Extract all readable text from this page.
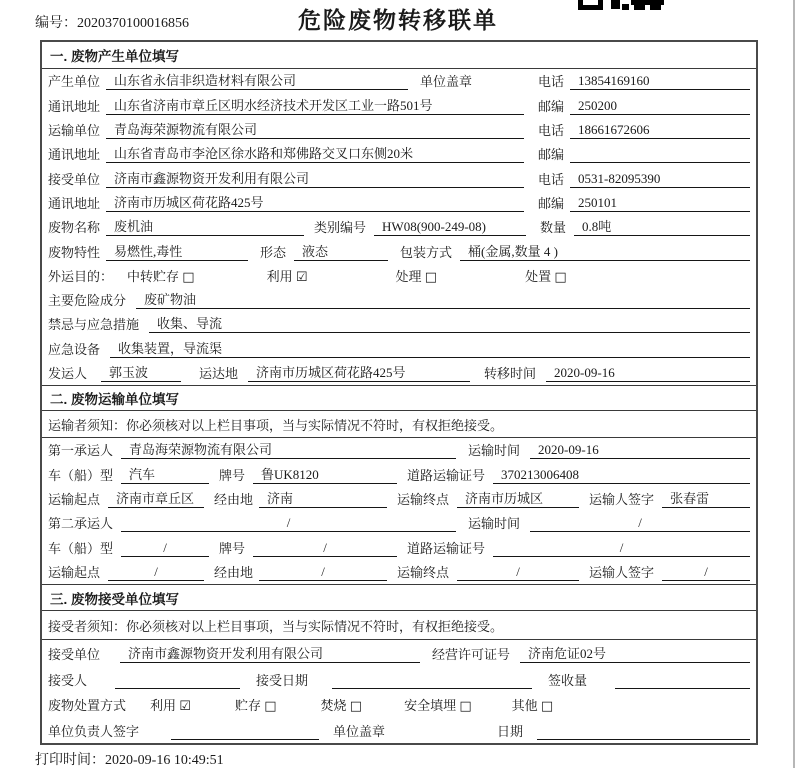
编号：2020370100016856	危险废物转移联单
一. 废物产生单位填写
产生单位	山东省永信非织造材料有限公司	单位盖章	电话	13854169160
通讯地址	山东省济南市章丘区明水经济技术开发区工业一路501号	邮编	250200
运输单位	青岛海荣源物流有限公司	电话	18661672606
通讯地址	山东省青岛市李沧区徐水路和郑佛路交叉口东侧20米	邮编
接受单位	济南市鑫源物资开发利用有限公司	电话	0531-82095390
通讯地址	济南市历城区荷花路425号	邮编	250101
废物名称	废机油	类别编号	HW08(900-249-08)	数量	0.8吨
废物特性	易燃性,毒性	形态	液态	包装方式	桶(金属,数量 4 )
外运目的： 中转贮存 □	利用 ☑	处理 □	处置 □
主要危险成分	废矿物油
禁忌与应急措施	收集、导流
应急设备	收集装置，导流渠
发运人	郭玉波	运达地	济南市历城区荷花路425号	转移时间	2020-09-16
二. 废物运输单位填写
运输者须知： 你必须核对以上栏目事项，当与实际情况不符时，有权拒绝接受。
第一承运人	青岛海荣源物流有限公司	运输时间	2020-09-16
车（船）型	汽车	牌号	鲁UK8120	道路运输证号	370213006408
运输起点	济南市章丘区	经由地	济南	运输终点	济南市历城区	运输人签字	张春雷
第二承运人	/	运输时间	/
车（船）型	/	牌号	/	道路运输证号	/
运输起点	/	经由地	/	运输终点	/	运输人签字	/
三. 废物接受单位填写
接受者须知： 你必须核对以上栏目事项，当与实际情况不符时，有权拒绝接受。
接受单位	济南市鑫源物资开发利用有限公司	经营许可证号	济南危证02号
接受人	接受日期	签收量
废物处置方式 利用 ☑	贮存 □	焚烧 □	安全填埋 □	其他 □
单位负责人签字	单位盖章	日期
打印时间：2020-09-16 10:49:51
